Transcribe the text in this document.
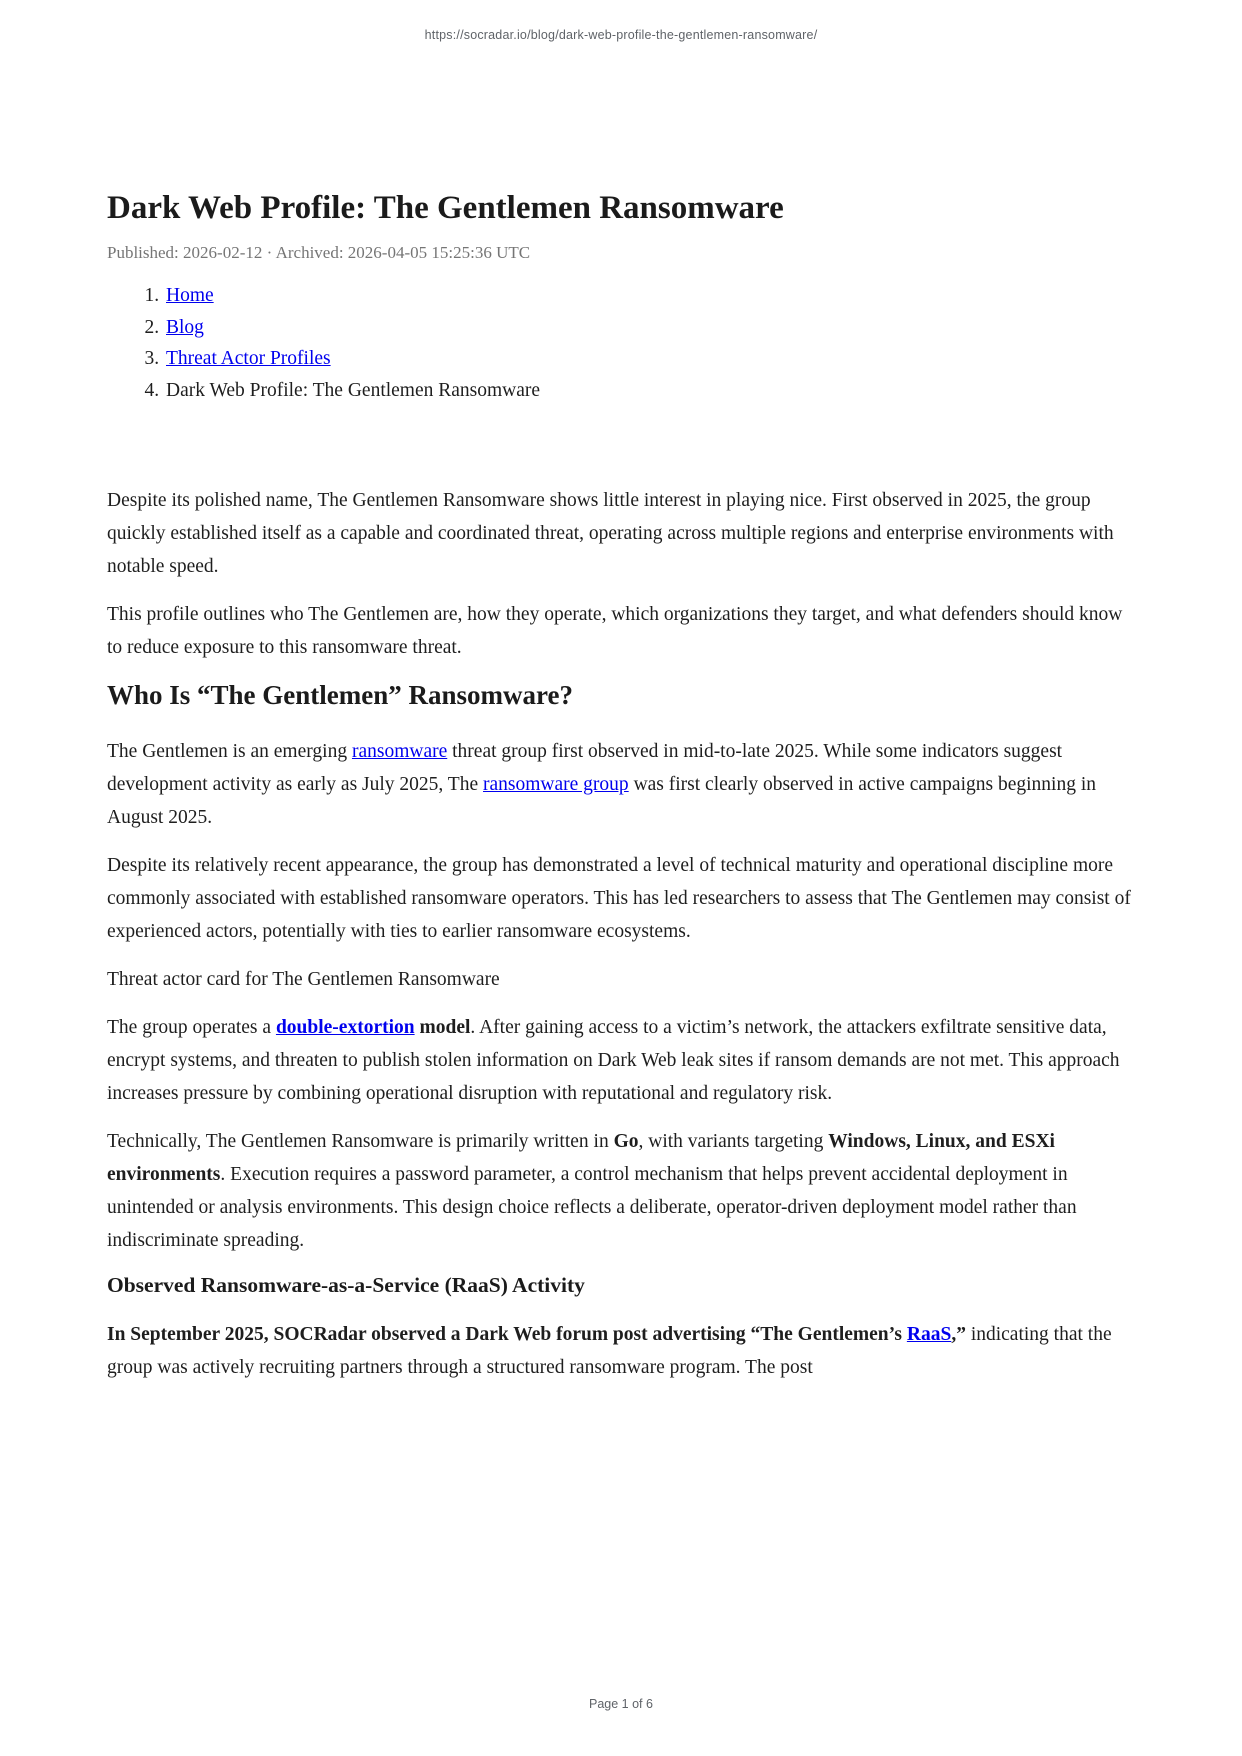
https://socradar.io/blog/dark-web-profile-the-gentlemen-ransomware/
Dark Web Profile: The Gentlemen Ransomware

Published: 2026-02-12 · Archived: 2026-04-05 15:25:36 UTC

1. Home
2. Blog
3. Threat Actor Profiles
4. Dark Web Profile: The Gentlemen Ransomware

Despite its polished name, The Gentlemen Ransomware shows little interest in playing nice. First observed in 2025, the group quickly established itself as a capable and coordinated threat, operating across multiple regions and enterprise environments with notable speed.

This profile outlines who The Gentlemen are, how they operate, which organizations they target, and what defenders should know to reduce exposure to this ransomware threat.

Who Is “The Gentlemen” Ransomware?

The Gentlemen is an emerging ransomware threat group first observed in mid-to-late 2025. While some indicators suggest development activity as early as July 2025, The ransomware group was first clearly observed in active campaigns beginning in August 2025.

Despite its relatively recent appearance, the group has demonstrated a level of technical maturity and operational discipline more commonly associated with established ransomware operators. This has led researchers to assess that The Gentlemen may consist of experienced actors, potentially with ties to earlier ransomware ecosystems.

Threat actor card for The Gentlemen Ransomware

The group operates a double-extortion model. After gaining access to a victim’s network, the attackers exfiltrate sensitive data, encrypt systems, and threaten to publish stolen information on Dark Web leak sites if ransom demands are not met. This approach increases pressure by combining operational disruption with reputational and regulatory risk.

Technically, The Gentlemen Ransomware is primarily written in Go, with variants targeting Windows, Linux, and ESXi environments. Execution requires a password parameter, a control mechanism that helps prevent accidental deployment in unintended or analysis environments. This design choice reflects a deliberate, operator-driven deployment model rather than indiscriminate spreading.

Observed Ransomware-as-a-Service (RaaS) Activity

In September 2025, SOCRadar observed a Dark Web forum post advertising “The Gentlemen’s RaaS,” indicating that the group was actively recruiting partners through a structured ransomware program. The post

Page 1 of 6
